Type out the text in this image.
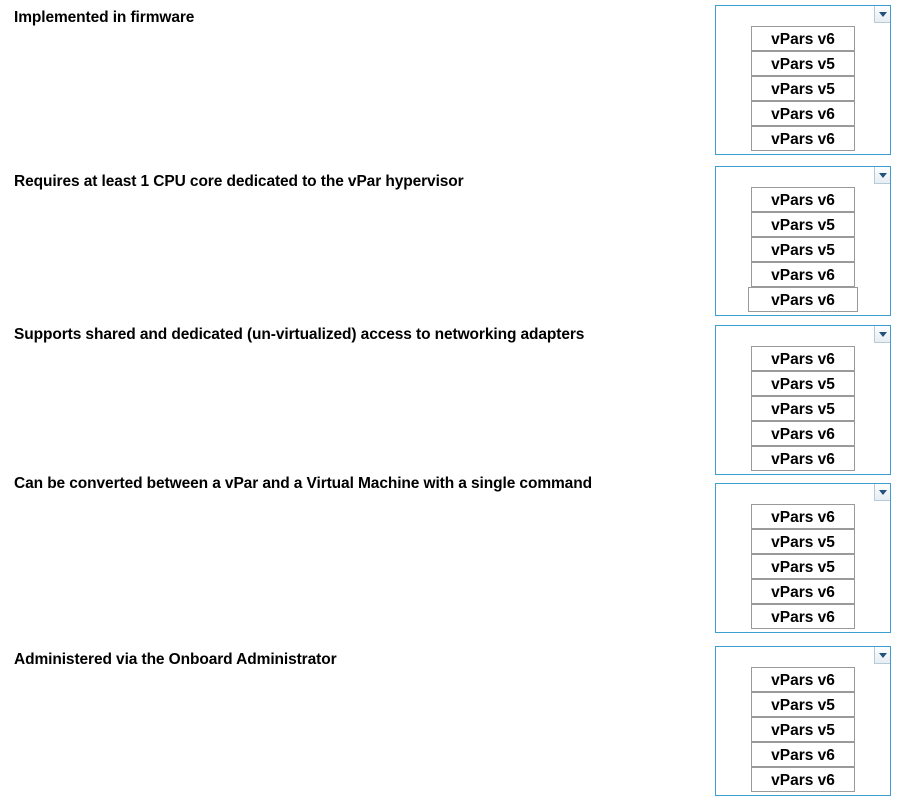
Implemented in firmware
vPars v6
vPars v5
vPars v5
vPars v6
vPars v6
Requires at least 1 CPU core dedicated to the vPar hypervisor
vPars v6
vPars v5
vPars v5
vPars v6
vPars v6
Supports shared and dedicated (un-virtualized) access to networking adapters
vPars v6
vPars v5
vPars v5
vPars v6
vPars v6
Can be converted between a vPar and a Virtual Machine with a single command
vPars v6
vPars v5
vPars v5
vPars v6
vPars v6
Administered via the Onboard Administrator
vPars v6
vPars v5
vPars v5
vPars v6
vPars v6
